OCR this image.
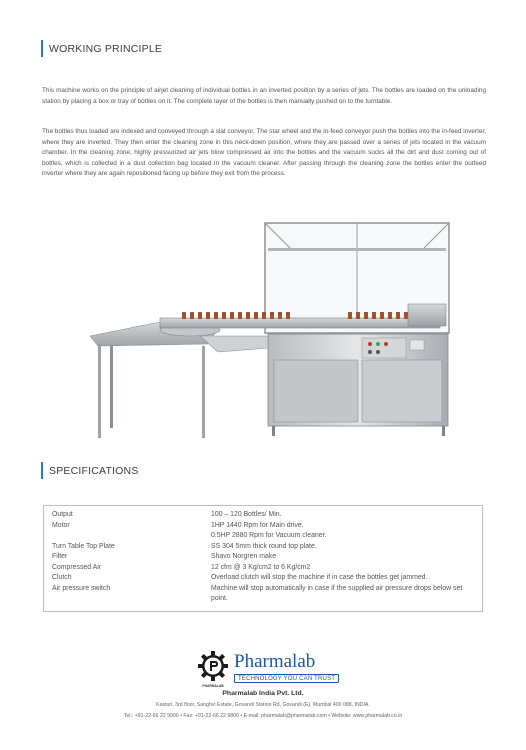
WORKING PRINCIPLE

This machine works on the principle of airjet cleaning of individual bottles in an inverted position by a series of jets. The bottles are loaded on the unloading station by placing a box or tray of bottles on it. The complete layer of the bottles is then manually pushed on to the turntable.

The bottles thus loaded are indexed and conveyed through a slat conveyor. The star wheel and the in-feed conveyor push the bottles into the in-feed inverter, where they are inverted. They then enter the cleaning zone in this neck-down position, where they are passed over a series of jets located in the vacuum chamber. In the cleaning zone, highly pressurized air jets blow compressed air into the bottles and the vacuum sucks all the dirt and dust coming out of bottles, which is collected in a dust collection bag located in the vacuum cleaner. After passing through the cleaning zone the bottles enter the outfeed inverter where they are again repositioned facing up before they exit from the process.

SPECIFICATIONS
Output	100 – 120 Bottles/ Min.
Motor	1HP 1440 Rpm for Main drive.
0.5HP 2880 Rpm for Vacuum cleaner.
Turn Table Top Plate	SS 304 5mm thick round top plate.
Filter	Shavo Norgren make
Compressed Air	12 cfm @ 3 Kg/cm2 to 6 Kg/cm2
Clutch	Overload clutch will stop the machine if in case the bottles get jammed.
Air pressure switch	Machine will stop automatically in case if the supplied air pressure drops below set point.
PHARMALAB
Pharmalab
TECHNOLOGY YOU CAN TRUST
Pharmalab India Pvt. Ltd.
Kasturi, 3rd floor, Sanghvi Estate, Govandi Station Rd, Govandi (E), Mumbai 400 088, INDIA.
Tel.: +91-22-66 22 9900 • Fax: +91-22-66 22 9800 • E-mail: pharmalab@pharmalab.com • Website: www.pharmalab.co.in
